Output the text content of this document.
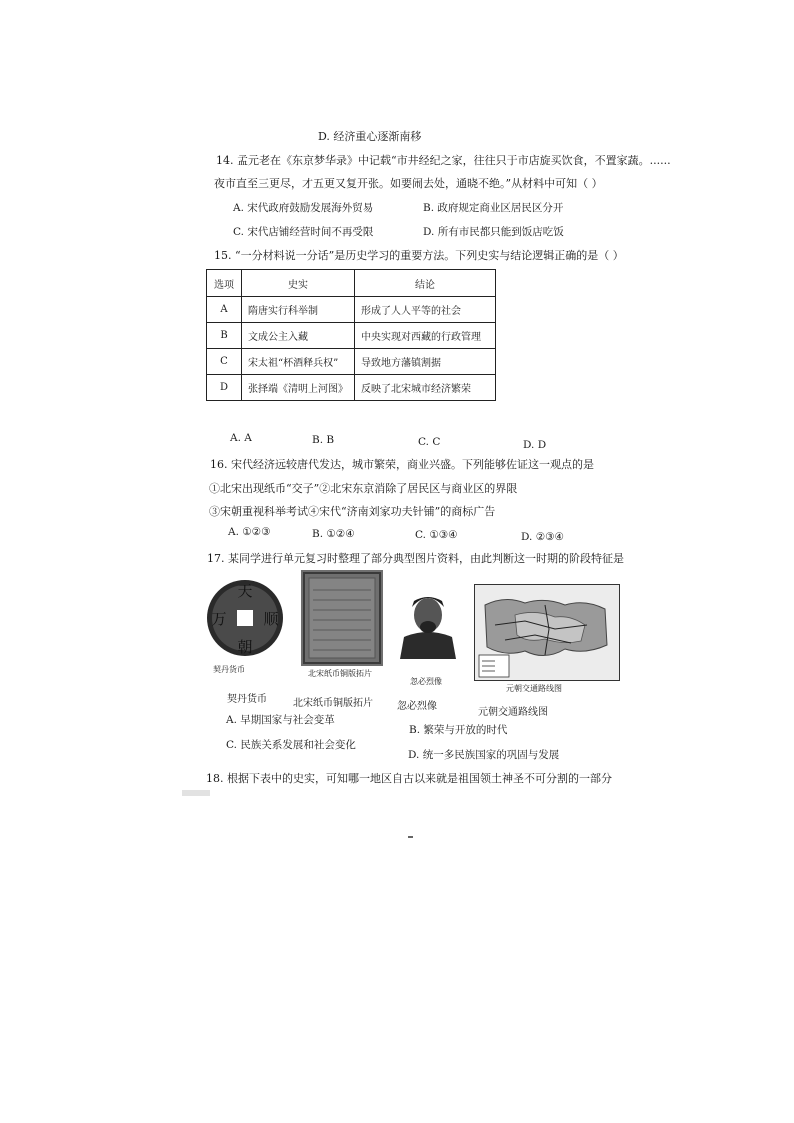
D. 经济重心逐渐南移
14. 孟元老在《东京梦华录》中记载“市井经纪之家，往往只于市店旋买饮食，不置家蔬。......
夜市直至三更尽，才五更又复开张。如要闹去处，通晓不绝。”从材料中可知（ ）
A. 宋代政府鼓励发展海外贸易	B. 政府规定商业区居民区分开
C. 宋代店铺经营时间不再受限	D. 所有市民都只能到饭店吃饭
15. “一分材料说一分话”是历史学习的重要方法。下列史实与结论逻辑正确的是（ ）
选项	史实	结论
A	隋唐实行科举制	形成了人人平等的社会
B	文成公主入藏	中央实现对西藏的行政管理
C	宋太祖“杯酒释兵权”	导致地方藩镇割据
D	张择端《清明上河图》	反映了北宋城市经济繁荣
A. A	B. B	C. C	D. D
16. 宋代经济远较唐代发达，城市繁荣，商业兴盛。下列能够佐证这一观点的是
①北宋出现纸币“交子”②北宋东京消除了居民区与商业区的界限
③宋朝重视科举考试④宋代“济南刘家功夫针铺”的商标广告
A. ①②③	B. ①②④	C. ①③④	D. ②③④
17. 某同学进行单元复习时整理了部分典型图片资料，由此判断这一时期的阶段特征是
天
朝
万 顺
契丹货币	北宋纸币铜版拓片
忽必烈像
元朝交通路线图
契丹货币	北宋纸币铜版拓片 忽必烈像
元朝交通路线图
A. 早期国家与社会变革
B. 繁荣与开放的时代
C. 民族关系发展和社会变化
D. 统一多民族国家的巩固与发展
18. 根据下表中的史实，可知哪一地区自古以来就是祖国领土神圣不可分割的一部分
